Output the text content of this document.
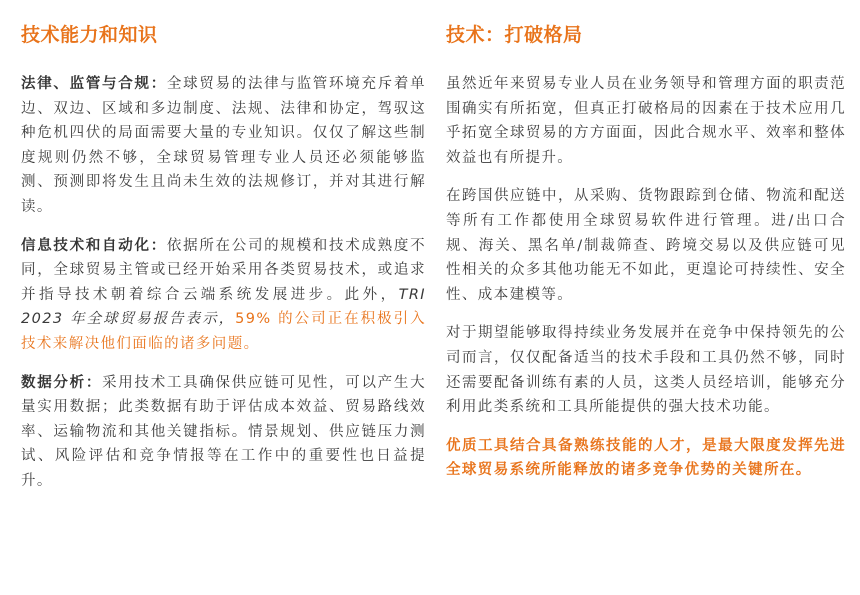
技术能力和知识

法律、监管与合规：全球贸易的法律与监管环境充斥着单边、双边、区域和多边制度、法规、法律和协定，驾驭这种危机四伏的局面需要大量的专业知识。仅仅了解这些制度规则仍然不够，全球贸易管理专业人员还必须能够监测、预测即将发生且尚未生效的法规修订，并对其进行解读。

信息技术和自动化：依据所在公司的规模和技术成熟度不同，全球贸易主管或已经开始采用各类贸易技术，或追求并指导技术朝着综合云端系统发展进步。此外，TRI 2023 年全球贸易报告表示，59% 的公司正在积极引入技术来解决他们面临的诸多问题。

数据分析：采用技术工具确保供应链可见性，可以产生大量实用数据；此类数据有助于评估成本效益、贸易路线效率、运输物流和其他关键指标。情景规划、供应链压力测试、风险评估和竞争情报等在工作中的重要性也日益提升。

技术：打破格局

虽然近年来贸易专业人员在业务领导和管理方面的职责范围确实有所拓宽，但真正打破格局的因素在于技术应用几乎拓宽全球贸易的方方面面，因此合规水平、效率和整体效益也有所提升。

在跨国供应链中，从采购、货物跟踪到仓储、物流和配送等所有工作都使用全球贸易软件进行管理。进/出口合规、海关、黑名单/制裁筛查、跨境交易以及供应链可见性相关的众多其他功能无不如此，更遑论可持续性、安全性、成本建模等。

对于期望能够取得持续业务发展并在竞争中保持领先的公司而言，仅仅配备适当的技术手段和工具仍然不够，同时还需要配备训练有素的人员，这类人员经培训，能够充分利用此类系统和工具所能提供的强大技术功能。

优质工具结合具备熟练技能的人才，是最大限度发挥先进全球贸易系统所能释放的诸多竞争优势的关键所在。
